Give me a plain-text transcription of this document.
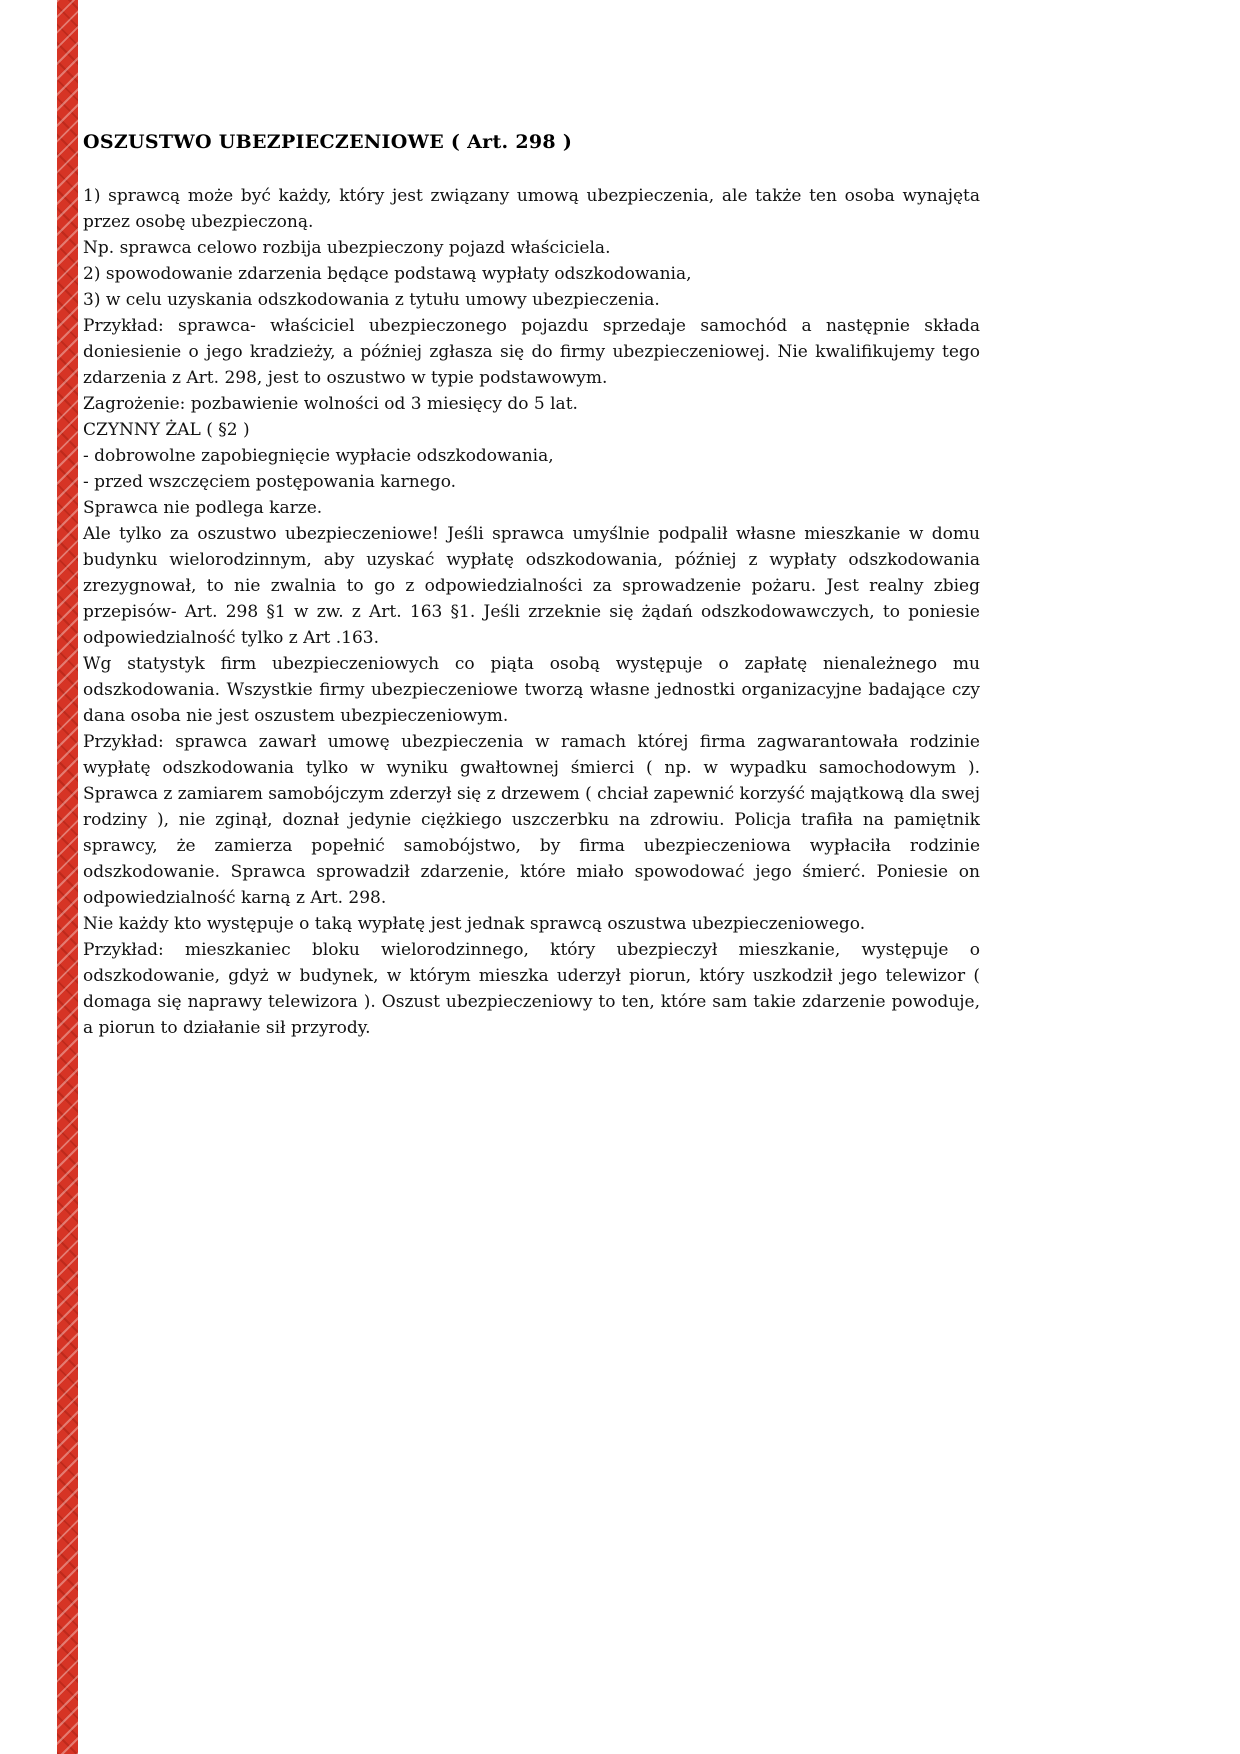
OSZUSTWO UBEZPIECZENIOWE ( Art. 298 )
1) sprawcą może być każdy, który jest związany umową ubezpieczenia, ale także ten osoba wynajęta przez osobę ubezpieczoną.
Np. sprawca celowo rozbija ubezpieczony pojazd właściciela.
2) spowodowanie zdarzenia będące podstawą wypłaty odszkodowania,
3) w celu uzyskania odszkodowania z tytułu umowy ubezpieczenia.
Przykład: sprawca- właściciel ubezpieczonego pojazdu sprzedaje samochód a następnie składa doniesienie o jego kradzieży, a później zgłasza się do firmy ubezpieczeniowej. Nie kwalifikujemy tego zdarzenia z Art. 298, jest to oszustwo w typie podstawowym.
Zagrożenie: pozbawienie wolności od 3 miesięcy do 5 lat.
CZYNNY ŻAL ( §2 )
- dobrowolne zapobiegnięcie wypłacie odszkodowania,
- przed wszczęciem postępowania karnego.
Sprawca nie podlega karze.
Ale tylko za oszustwo ubezpieczeniowe! Jeśli sprawca umyślnie podpalił własne mieszkanie w domu budynku wielorodzinnym, aby uzyskać wypłatę odszkodowania, później z wypłaty odszkodowania zrezygnował, to nie zwalnia to go z odpowiedzialności za sprowadzenie pożaru. Jest realny zbieg przepisów- Art. 298 §1 w zw. z Art. 163 §1. Jeśli zrzeknie się żądań odszkodowawczych, to poniesie odpowiedzialność tylko z Art .163.
Wg statystyk firm ubezpieczeniowych co piąta osobą występuje o zapłatę nienależnego mu odszkodowania. Wszystkie firmy ubezpieczeniowe tworzą własne jednostki organizacyjne badające czy dana osoba nie jest oszustem ubezpieczeniowym.
Przykład: sprawca zawarł umowę ubezpieczenia w ramach której firma zagwarantowała rodzinie wypłatę odszkodowania tylko w wyniku gwałtownej śmierci ( np. w wypadku samochodowym ). Sprawca z zamiarem samobójczym zderzył się z drzewem ( chciał zapewnić korzyść majątkową dla swej rodziny ), nie zginął, doznał jedynie ciężkiego uszczerbku na zdrowiu. Policja trafiła na pamiętnik sprawcy, że zamierza popełnić samobójstwo, by firma ubezpieczeniowa wypłaciła rodzinie odszkodowanie. Sprawca sprowadził zdarzenie, które miało spowodować jego śmierć. Poniesie on odpowiedzialność karną z Art. 298.
Nie każdy kto występuje o taką wypłatę jest jednak sprawcą oszustwa ubezpieczeniowego.
Przykład: mieszkaniec bloku wielorodzinnego, który ubezpieczył mieszkanie, występuje o odszkodowanie, gdyż w budynek, w którym mieszka uderzył piorun, który uszkodził jego telewizor ( domaga się naprawy telewizora ). Oszust ubezpieczeniowy to ten, które sam takie zdarzenie powoduje, a piorun to działanie sił przyrody.
